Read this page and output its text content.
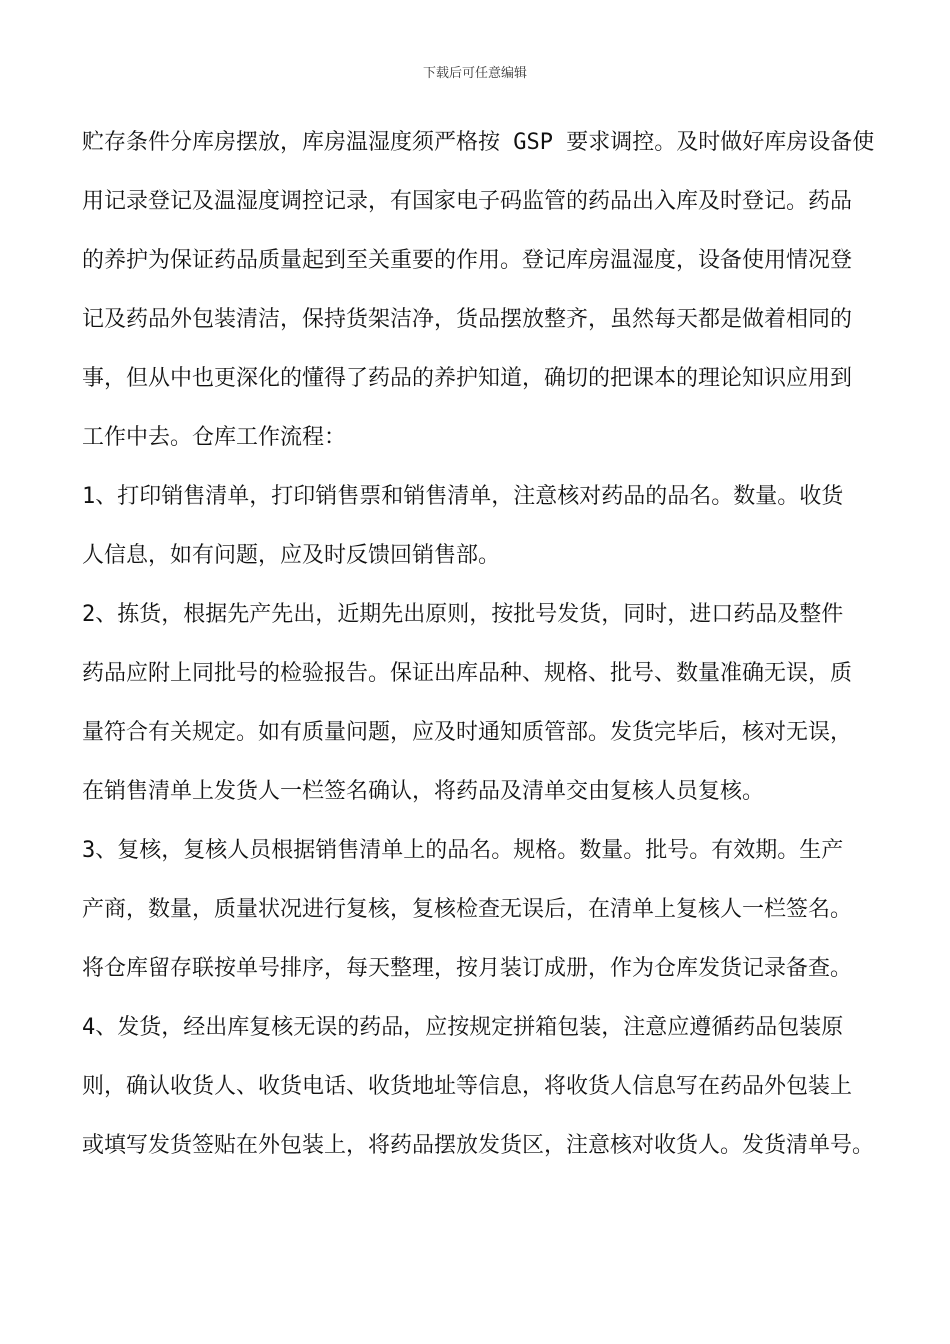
下载后可任意编辑
贮存条件分库房摆放，库房温湿度须严格按 GSP 要求调控。及时做好库房设备使
用记录登记及温湿度调控记录，有国家电子码监管的药品出入库及时登记。药品
的养护为保证药品质量起到至关重要的作用。登记库房温湿度，设备使用情况登
记及药品外包装清洁，保持货架洁净，货品摆放整齐，虽然每天都是做着相同的
事，但从中也更深化的懂得了药品的养护知道，确切的把课本的理论知识应用到
工作中去。仓库工作流程：
1、打印销售清单，打印销售票和销售清单，注意核对药品的品名。数量。收货
人信息，如有问题，应及时反馈回销售部。
2、拣货，根据先产先出，近期先出原则，按批号发货，同时，进口药品及整件
药品应附上同批号的检验报告。保证出库品种、规格、批号、数量准确无误，质
量符合有关规定。如有质量问题，应及时通知质管部。发货完毕后，核对无误，
在销售清单上发货人一栏签名确认，将药品及清单交由复核人员复核。
3、复核，复核人员根据销售清单上的品名。规格。数量。批号。有效期。生产
产商，数量，质量状况进行复核，复核检查无误后，在清单上复核人一栏签名。
将仓库留存联按单号排序，每天整理，按月装订成册，作为仓库发货记录备查。
4、发货，经出库复核无误的药品，应按规定拼箱包装，注意应遵循药品包装原
则，确认收货人、收货电话、收货地址等信息，将收货人信息写在药品外包装上
或填写发货签贴在外包装上，将药品摆放发货区，注意核对收货人。发货清单号。
